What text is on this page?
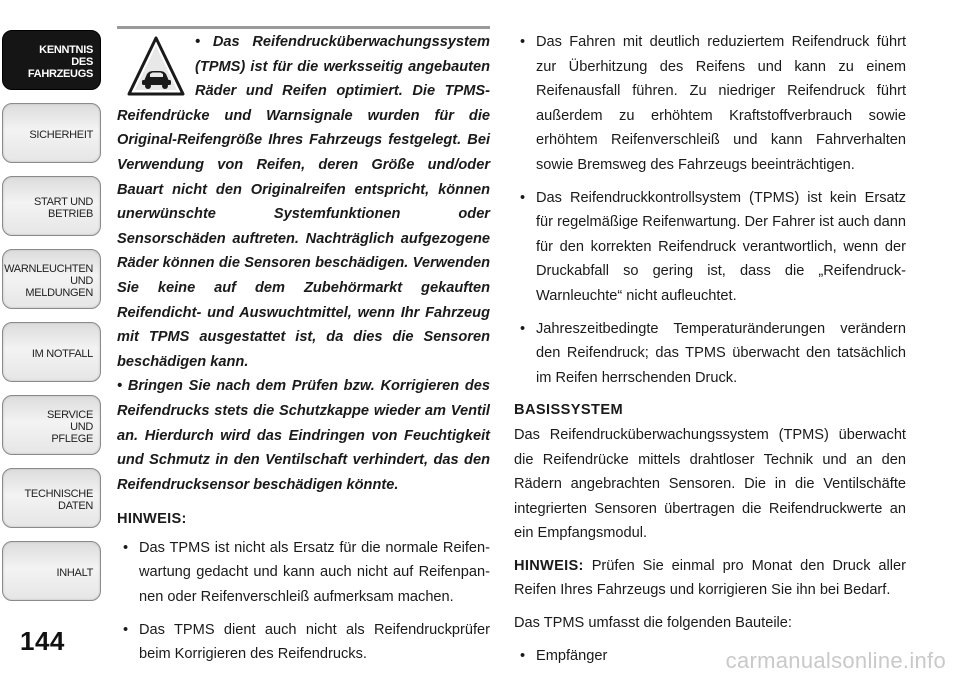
KENNTNIS
DES
FAHRZEUGS
SICHERHEIT
START UND
BETRIEB
WARNLEUCHTEN
UND
MELDUNGEN
IM NOTFALL
SERVICE
UND
PFLEGE
TECHNISCHE
DATEN
INHALT
144

• Das Reifendrucküberwachungssystem (TPMS) ist für die werksseitig angebauten Räder und Reifen optimiert. Die TPMS-Reifendrücke und Warnsignale wurden für die Original-Reifengröße Ihres Fahrzeugs festgelegt. Bei Verwendung von Reifen, deren Größe und/oder Bauart nicht den Originalreifen entspricht, können unerwünschte Systemfunktionen oder Sensorschäden auftreten. Nachträglich aufgezogene Räder können die Sensoren beschädigen. Verwenden Sie keine auf dem Zubehörmarkt gekauften Reifendicht- und Auswuchtmittel, wenn Ihr Fahrzeug mit TPMS ausgestattet ist, da dies die Sensoren beschädigen kann.

• Bringen Sie nach dem Prüfen bzw. Korrigieren des Reifendrucks stets die Schutzkappe wieder am Ventil an. Hierdurch wird das Eindringen von Feuchtigkeit und Schmutz in den Ventilschaft verhindert, das den Reifendrucksensor beschädigen könnte.

HINWEIS:
• Das TPMS ist nicht als Ersatz für die normale Reifenwartung gedacht und kann auch nicht auf Reifenpannen oder Reifenverschleiß aufmerksam machen.
• Das TPMS dient auch nicht als Reifendruckprüfer beim Korrigieren des Reifendrucks.
• Das Fahren mit deutlich reduziertem Reifendruck führt zur Überhitzung des Reifens und kann zu einem Reifenausfall führen. Zu niedriger Reifendruck führt außerdem zu erhöhtem Kraftstoffverbrauch sowie erhöhtem Reifenverschleiß und kann Fahrverhalten sowie Bremsweg des Fahrzeugs beeinträchtigen.
• Das Reifendruckkontrollsystem (TPMS) ist kein Ersatz für regelmäßige Reifenwartung. Der Fahrer ist auch dann für den korrekten Reifendruck verantwortlich, wenn der Druckabfall so gering ist, dass die „Reifendruck-Warnleuchte“ nicht aufleuchtet.
• Jahreszeitbedingte Temperaturänderungen verändern den Reifendruck; das TPMS überwacht den tatsächlich im Reifen herrschenden Druck.
BASISSYSTEM

Das Reifendrucküberwachungssystem (TPMS) überwacht die Reifendrücke mittels drahtloser Technik und an den Rädern angebrachten Sensoren. Die in die Ventilschäfte integrierten Sensoren übertragen die Reifendruckwerte an ein Empfangsmodul.

HINWEIS: Prüfen Sie einmal pro Monat den Druck aller Reifen Ihres Fahrzeugs und korrigieren Sie ihn bei Bedarf.

Das TPMS umfasst die folgenden Bauteile:

• Empfänger	carmanualsonline.info
